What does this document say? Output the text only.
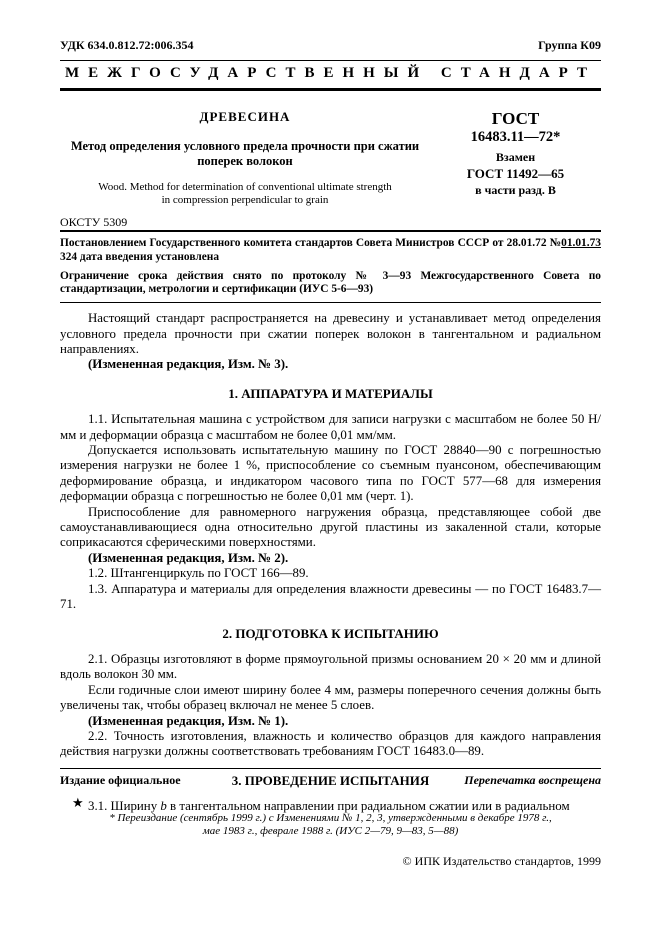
УДК 634.0.812.72:006.354	Группа К09
МЕЖГОСУДАРСТВЕННЫЙ СТАНДАРТ
ДРЕВЕСИНА
Метод определения условного предела прочности при сжатии поперек волокон
Wood. Method for determination of conventional ultimate strength
in compression perpendicular to grain
ОКСТУ 5309
ГОСТ
16483.11—72*
Взамен
ГОСТ 11492—65
в части разд. В
01.01.73
Постановлением Государственного комитета стандартов Совета Министров СССР от 28.01.72 № 324 дата введения установлена
Ограничение срока действия снято по протоколу № 3—93 Межгосударственного Совета по стандартизации, метрологии и сертификации (ИУС 5-6—93)

Настоящий стандарт распространяется на древесину и устанавливает метод определения условного предела прочности при сжатии поперек волокон в тангентальном и радиальном направлениях.

(Измененная редакция, Изм. № 3).

1. АППАРАТУРА И МАТЕРИАЛЫ

1.1. Испытательная машина с устройством для записи нагрузки с масштабом не более 50 Н/мм и деформации образца с масштабом не более 0,01 мм/мм.

Допускается использовать испытательную машину по ГОСТ 28840—90 с погрешностью измерения нагрузки не более 1 %, приспособление со съемным пуансоном, обеспечивающим деформирование образца, и индикатором часового типа по ГОСТ 577—68 для измерения деформации образца с погрешностью не более 0,01 мм (черт. 1).

Приспособление для равномерного нагружения образца, представляющее собой две самоустанавливающиеся одна относительно другой пластины из закаленной стали, которые соприкасаются сферическими поверхностями.

(Измененная редакция, Изм. № 2).

1.2. Штангенциркуль по ГОСТ 166—89.

1.3. Аппаратура и материалы для определения влажности древесины — по ГОСТ 16483.7—71.

2. ПОДГОТОВКА К ИСПЫТАНИЮ

2.1. Образцы изготовляют в форме прямоугольной призмы основанием 20 × 20 мм и длиной вдоль волокон 30 мм.

Если годичные слои имеют ширину более 4 мм, размеры поперечного сечения должны быть увеличены так, чтобы образец включал не менее 5 слоев.

(Измененная редакция, Изм. № 1).

2.2. Точность изготовления, влажность и количество образцов для каждого направления действия нагрузки должны соответствовать требованиям ГОСТ 16483.0—89.

3. ПРОВЕДЕНИЕ ИСПЫТАНИЯ

3.1. Ширину b в тангентальном направлении при радиальном сжатии или в радиальном

Издание официальное	Перепечатка воспрещена
★
* Переиздание (сентябрь 1999 г.) с Изменениями № 1, 2, 3, утвержденными в декабре 1978 г.,
мае 1983 г., феврале 1988 г. (ИУС 2—79, 9—83, 5—88)
© ИПК Издательство стандартов, 1999
